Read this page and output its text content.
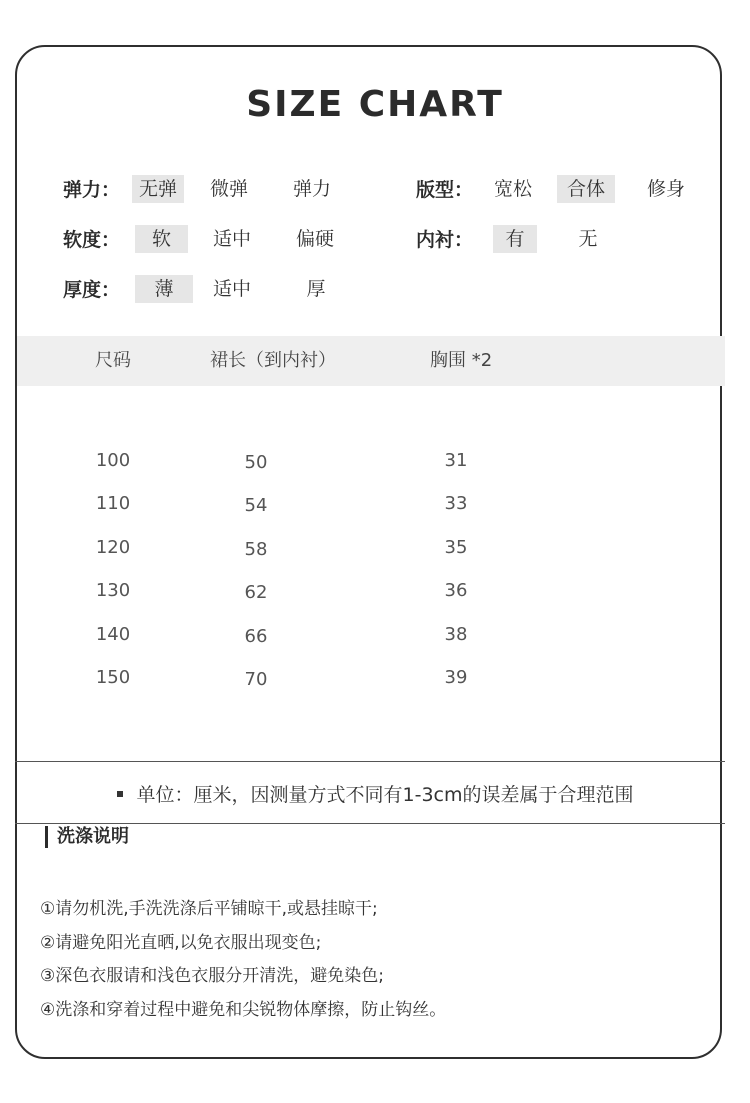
SIZE CHART
弹力： 无弹	微弹	弹力	版型：	宽松	合体	修身
软度：	软	适中	偏硬	内衬：	有	无
厚度：	薄	适中	厚
尺码	裙长（到内衬）	胸围 *2
100	50	31
110	54	33
120	58	35
130	62	36
140	66	38
150	70	39
单位：厘米，因测量方式不同有1-3cm的误差属于合理范围
洗涤说明
①请勿机洗,手洗洗涤后平铺晾干,或悬挂晾干;
②请避免阳光直晒,以免衣服出现变色;
③深色衣服请和浅色衣服分开清洗，避免染色;
④洗涤和穿着过程中避免和尖锐物体摩擦，防止钩丝。
